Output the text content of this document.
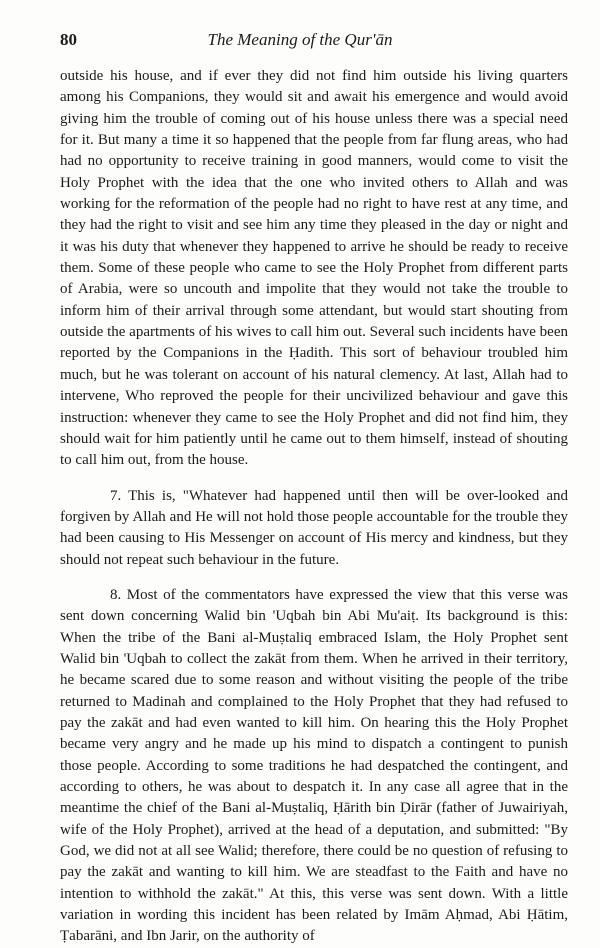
80	The Meaning of the Qur'ān

outside his house, and if ever they did not find him outside his living quarters among his Companions, they would sit and await his emergence and would avoid giving him the trouble of coming out of his house unless there was a special need for it. But many a time it so happened that the people from far flung areas, who had had no opportunity to receive training in good manners, would come to visit the Holy Prophet with the idea that the one who invited others to Allah and was working for the reformation of the people had no right to have rest at any time, and they had the right to visit and see him any time they pleased in the day or night and it was his duty that whenever they happened to arrive he should be ready to receive them. Some of these people who came to see the Holy Prophet from different parts of Arabia, were so uncouth and impolite that they would not take the trouble to inform him of their arrival through some attendant, but would start shouting from outside the apartments of his wives to call him out. Several such incidents have been reported by the Companions in the Ḥadith. This sort of behaviour troubled him much, but he was tolerant on account of his natural clemency. At last, Allah had to intervene, Who reproved the people for their uncivilized behaviour and gave this instruction: whenever they came to see the Holy Prophet and did not find him, they should wait for him patiently until he came out to them himself, instead of shouting to call him out, from the house.

7. This is, "Whatever had happened until then will be over-looked and forgiven by Allah and He will not hold those people accountable for the trouble they had been causing to His Messenger on account of His mercy and kindness, but they should not repeat such behaviour in the future.

8. Most of the commentators have expressed the view that this verse was sent down concerning Walid bin 'Uqbah bin Abi Mu'aiṭ. Its background is this: When the tribe of the Bani al-Muṣtaliq embraced Islam, the Holy Prophet sent Walid bin 'Uqbah to collect the zakāt from them. When he arrived in their territory, he became scared due to some reason and without visiting the people of the tribe returned to Madinah and complained to the Holy Prophet that they had refused to pay the zakāt and had even wanted to kill him. On hearing this the Holy Prophet became very angry and he made up his mind to dispatch a contingent to punish those people. According to some traditions he had despatched the contingent, and according to others, he was about to despatch it. In any case all agree that in the meantime the chief of the Bani al-Muṣtaliq, Ḥārith bin Ḍirār (father of Juwairiyah, wife of the Holy Prophet), arrived at the head of a deputation, and submitted: "By God, we did not at all see Walid; therefore, there could be no question of refusing to pay the zakāt and wanting to kill him. We are steadfast to the Faith and have no intention to withhold the zakāt." At this, this verse was sent down. With a little variation in wording this incident has been related by Imām Aḥmad, Abi Ḥātim, Ṭabarāni, and Ibn Jarir, on the authority of
